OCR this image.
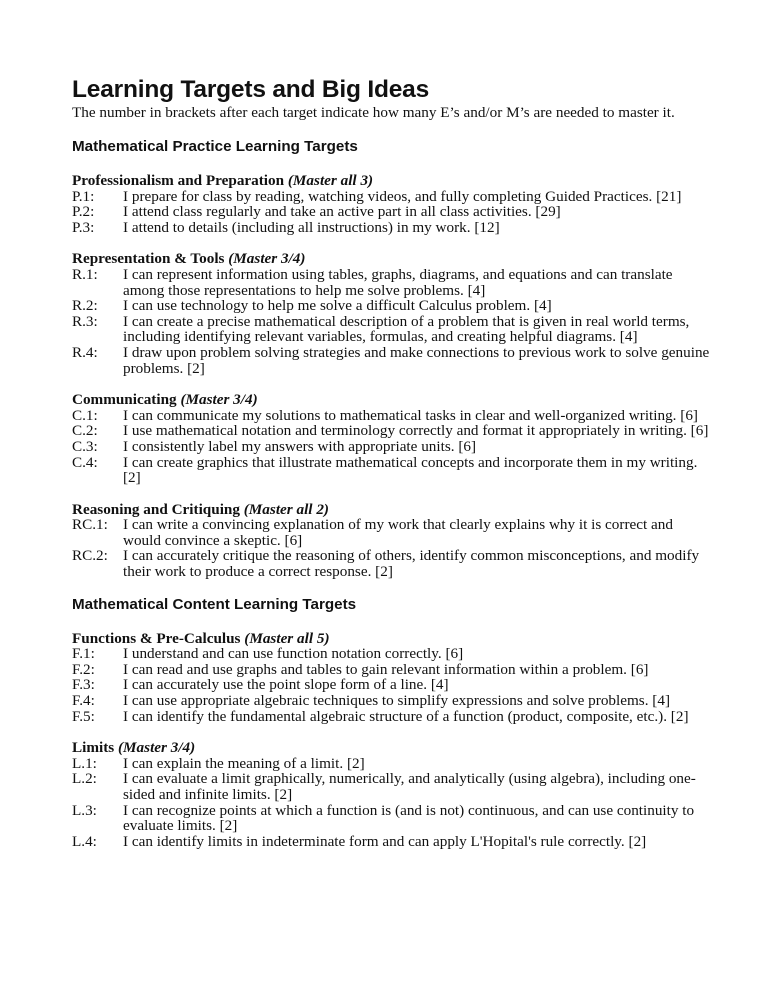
Learning Targets and Big Ideas

The number in brackets after each target indicate how many E’s and/or M’s are needed to master it.

Mathematical Practice Learning Targets

Professionalism and Preparation (Master all 3)

P.1:	I prepare for class by reading, watching videos, and fully completing Guided Practices. [21]
P.2:	I attend class regularly and take an active part in all class activities. [29]
P.3:	I attend to details (including all instructions) in my work. [12]

Representation & Tools (Master 3/4)

R.1:	I can represent information using tables, graphs, diagrams, and equations and can translate among those representations to help me solve problems. [4]
R.2:	I can use technology to help me solve a difficult Calculus problem. [4]
R.3:	I can create a precise mathematical description of a problem that is given in real world terms, including identifying relevant variables, formulas, and creating helpful diagrams. [4]
R.4:	I draw upon problem solving strategies and make connections to previous work to solve genuine problems. [2]

Communicating (Master 3/4)

C.1:	I can communicate my solutions to mathematical tasks in clear and well-organized writing. [6]
C.2:	I use mathematical notation and terminology correctly and format it appropriately in writing. [6]
C.3:	I consistently label my answers with appropriate units. [6]
C.4:	I can create graphics that illustrate mathematical concepts and incorporate them in my writing. [2]

Reasoning and Critiquing (Master all 2)

RC.1: I can write a convincing explanation of my work that clearly explains why it is correct and would convince a skeptic. [6]
RC.2: I can accurately critique the reasoning of others, identify common misconceptions, and modify their work to produce a correct response. [2]
Mathematical Content Learning Targets

Functions & Pre-Calculus (Master all 5)

F.1:	I understand and can use function notation correctly. [6]
F.2:	I can read and use graphs and tables to gain relevant information within a problem. [6]
F.3:	I can accurately use the point slope form of a line. [4]
F.4:	I can use appropriate algebraic techniques to simplify expressions and solve problems. [4]
F.5:	I can identify the fundamental algebraic structure of a function (product, composite, etc.). [2]

Limits (Master 3/4)

L.1:	I can explain the meaning of a limit. [2]
L.2:	I can evaluate a limit graphically, numerically, and analytically (using algebra), including one-sided and infinite limits. [2]
L.3:	I can recognize points at which a function is (and is not) continuous, and can use continuity to evaluate limits. [2]
L.4:	I can identify limits in indeterminate form and can apply L'Hopital's rule correctly. [2]
